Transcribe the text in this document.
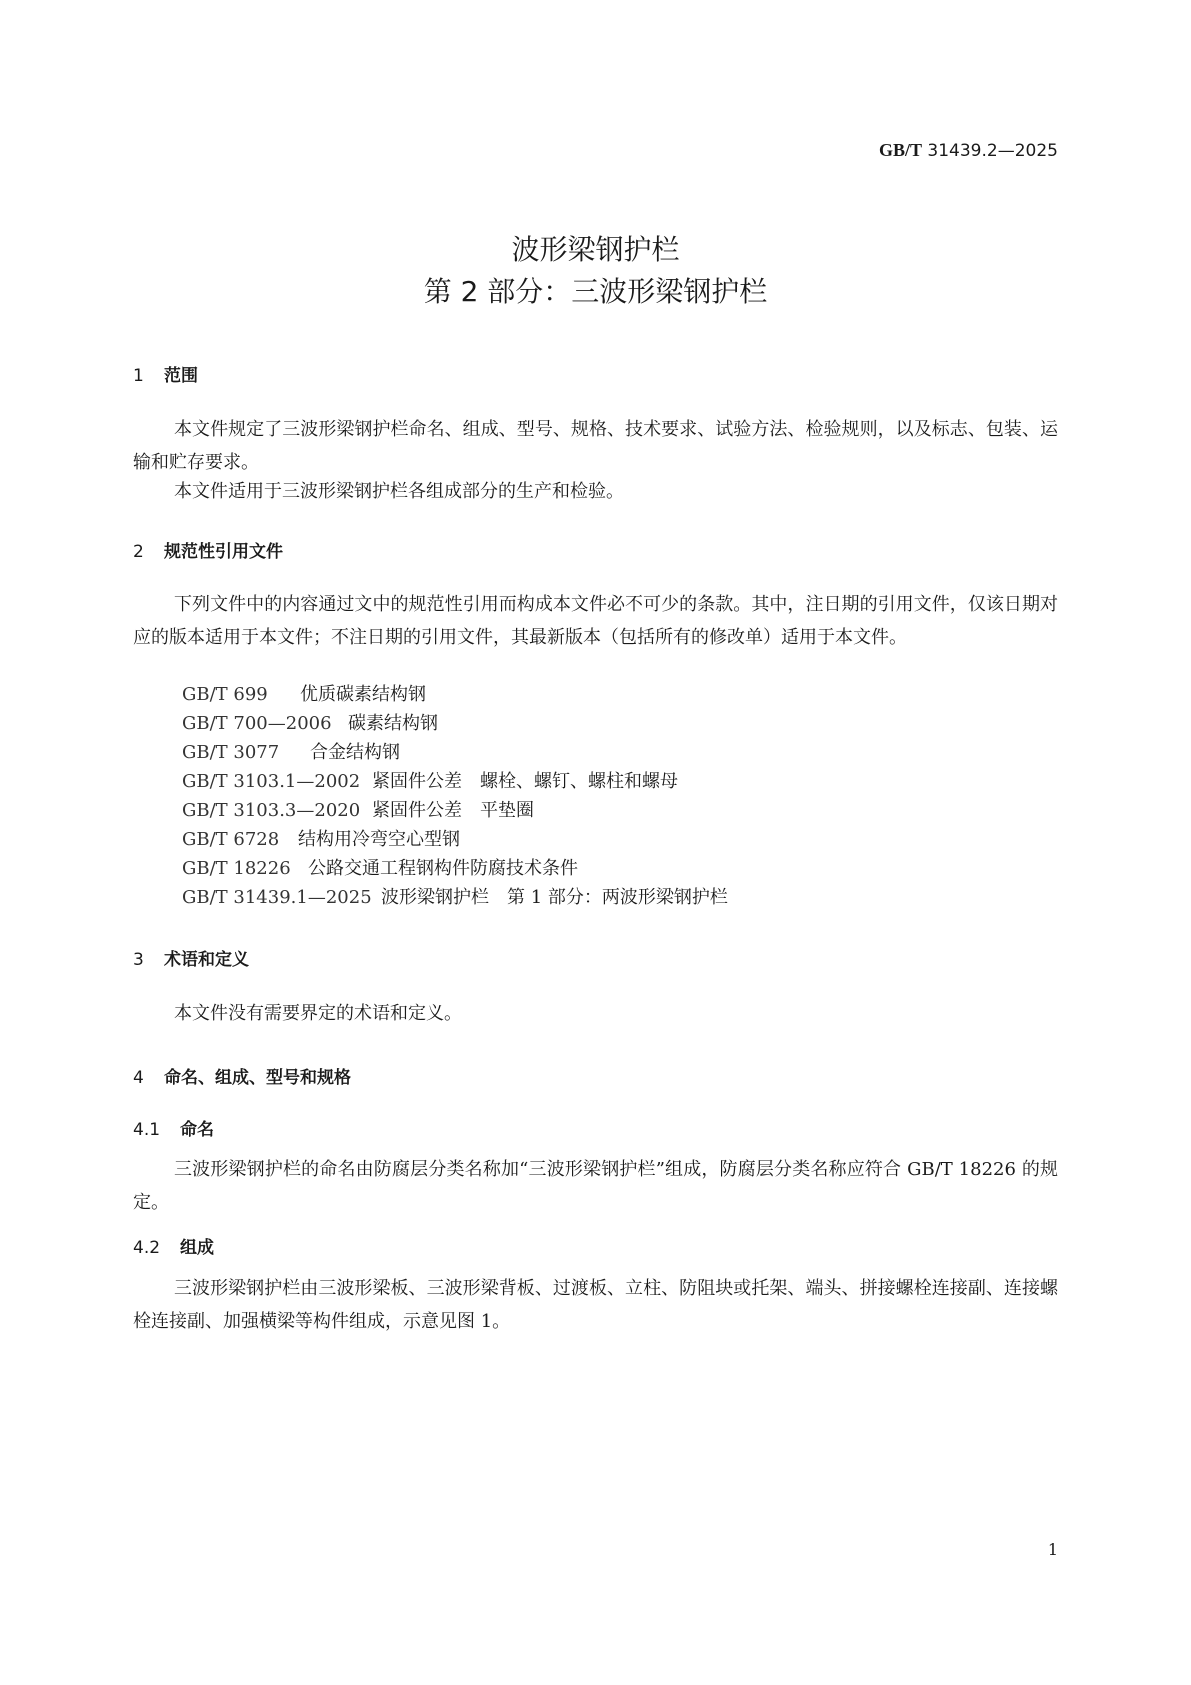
GB/T 31439.2—2025
波形梁钢护栏
第 2 部分：三波形梁钢护栏
1 范围
本文件规定了三波形梁钢护栏命名、组成、型号、规格、技术要求、试验方法、检验规则，以及标志、包装、运输和贮存要求。
本文件适用于三波形梁钢护栏各组成部分的生产和检验。
2 规范性引用文件
下列文件中的内容通过文中的规范性引用而构成本文件必不可少的条款。其中，注日期的引用文件，仅该日期对应的版本适用于本文件；不注日期的引用文件，其最新版本（包括所有的修改单）适用于本文件。
GB/T 699 优质碳素结构钢
GB/T 700—2006 碳素结构钢
GB/T 3077 合金结构钢
GB/T 3103.1—2002 紧固件公差　螺栓、螺钉、螺柱和螺母
GB/T 3103.3—2020 紧固件公差　平垫圈
GB/T 6728 结构用冷弯空心型钢
GB/T 18226 公路交通工程钢构件防腐技术条件
GB/T 31439.1—2025 波形梁钢护栏　第 1 部分：两波形梁钢护栏
3 术语和定义
本文件没有需要界定的术语和定义。
4 命名、组成、型号和规格
4.1 命名
三波形梁钢护栏的命名由防腐层分类名称加“三波形梁钢护栏”组成，防腐层分类名称应符合 GB/T 18226 的规定。
4.2 组成
三波形梁钢护栏由三波形梁板、三波形梁背板、过渡板、立柱、防阻块或托架、端头、拼接螺栓连接副、连接螺栓连接副、加强横梁等构件组成，示意见图 1。
1
